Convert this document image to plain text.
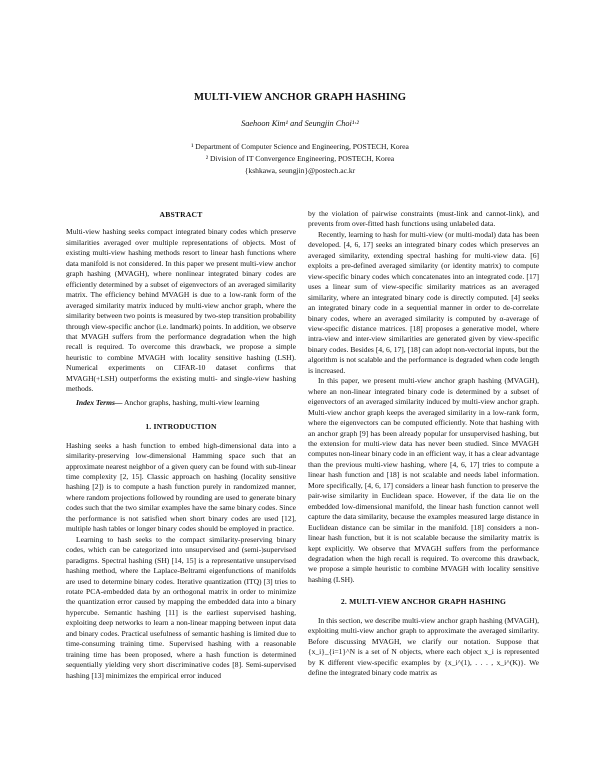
MULTI-VIEW ANCHOR GRAPH HASHING
Saehoon Kim¹ and Seungjin Choi¹·²
¹ Department of Computer Science and Engineering, POSTECH, Korea
² Division of IT Convergence Engineering, POSTECH, Korea
{kshkawa, seungjin}@postech.ac.kr
ABSTRACT

Multi-view hashing seeks compact integrated binary codes which preserve similarities averaged over multiple representations of objects. Most of existing multi-view hashing methods resort to linear hash functions where data manifold is not considered. In this paper we present multi-view anchor graph hashing (MVAGH), where nonlinear integrated binary codes are efficiently determined by a subset of eigenvectors of an averaged similarity matrix. The efficiency behind MVAGH is due to a low-rank form of the averaged similarity matrix induced by multi-view anchor graph, where the similarity between two points is measured by two-step transition probability through view-specific anchor (i.e. landmark) points. In addition, we observe that MVAGH suffers from the performance degradation when the high recall is required. To overcome this drawback, we propose a simple heuristic to combine MVAGH with locality sensitive hashing (LSH). Numerical experiments on CIFAR-10 dataset confirms that MVAGH(+LSH) outperforms the existing multi- and single-view hashing methods.

Index Terms— Anchor graphs, hashing, multi-view learning

1. INTRODUCTION

Hashing seeks a hash function to embed high-dimensional data into a similarity-preserving low-dimensional Hamming space such that an approximate nearest neighbor of a given query can be found with sub-linear time complexity [2, 15]. Classic approach on hashing (locality sensitive hashing [2]) is to compute a hash function purely in randomized manner, where random projections followed by rounding are used to generate binary codes such that the two similar examples have the same binary codes. Since the performance is not satisfied when short binary codes are used [12], multiple hash tables or longer binary codes should be employed in practice.

Learning to hash seeks to the compact similarity-preserving binary codes, which can be categorized into unsupervised and (semi-)supervised paradigms. Spectral hashing (SH) [14, 15] is a representative unsupervised hashing method, where the Laplace-Beltrami eigenfunctions of manifolds are used to determine binary codes. Iterative quantization (ITQ) [3] tries to rotate PCA-embedded data by an orthogonal matrix in order to minimize the quantization error caused by mapping the embedded data into a binary hypercube. Semantic hashing [11] is the earliest supervised hashing, exploiting deep networks to learn a non-linear mapping between input data and binary codes. Practical usefulness of semantic hashing is limited due to time-consuming training time. Supervised hashing with a reasonable training time has been proposed, where a hash function is determined sequentially yielding very short discriminative codes [8]. Semi-supervised hashing [13] minimizes the empirical error induced

by the violation of pairwise constraints (must-link and cannot-link), and prevents from over-fitted hash functions using unlabeled data.

Recently, learning to hash for multi-view (or multi-modal) data has been developed. [4, 6, 17] seeks an integrated binary codes which preserves an averaged similarity, extending spectral hashing for multi-view data. [6] exploits a pre-defined averaged similarity (or identity matrix) to compute view-specific binary codes which concatenates into an integrated code. [17] uses a linear sum of view-specific similarity matrices as an averaged similarity, where an integrated binary code is directly computed. [4] seeks an integrated binary code in a sequential manner in order to de-correlate binary codes, where an averaged similarity is computed by α-average of view-specific distance matrices. [18] proposes a generative model, where intra-view and inter-view similarities are generated given by view-specific binary codes. Besides [4, 6, 17], [18] can adopt non-vectorial inputs, but the algorithm is not scalable and the performance is degraded when code length is increased.

In this paper, we present multi-view anchor graph hashing (MVAGH), where an non-linear integrated binary code is determined by a subset of eigenvectors of an averaged similarity induced by multi-view anchor graph. Multi-view anchor graph keeps the averaged similarity in a low-rank form, where the eigenvectors can be computed efficiently. Note that hashing with an anchor graph [9] has been already popular for unsupervised hashing, but the extension for multi-view data has never been studied. Since MVAGH computes non-linear binary code in an efficient way, it has a clear advantage than the previous multi-view hashing, where [4, 6, 17] tries to compute a linear hash function and [18] is not scalable and needs label information. More specifically, [4, 6, 17] considers a linear hash function to preserve the pair-wise similarity in Euclidean space. However, if the data lie on the embedded low-dimensional manifold, the linear hash function cannot well capture the data similarity, because the examples measured large distance in Euclidean distance can be similar in the manifold. [18] considers a non-linear hash function, but it is not scalable because the similarity matrix is kept explicitly. We observe that MVAGH suffers from the performance degradation when the high recall is required. To overcome this drawback, we propose a simple heuristic to combine MVAGH with locality sensitive hashing (LSH).

2. MULTI-VIEW ANCHOR GRAPH HASHING

In this section, we describe multi-view anchor graph hashing (MVAGH), exploiting multi-view anchor graph to approximate the averaged similarity. Before discussing MVAGH, we clarify our notation. Suppose that {x_i}_{i=1}^N is a set of N objects, where each object x_i is represented by K different view-specific examples by {x_i^(1), . . . , x_i^(K)}. We define the integrated binary code matrix as
